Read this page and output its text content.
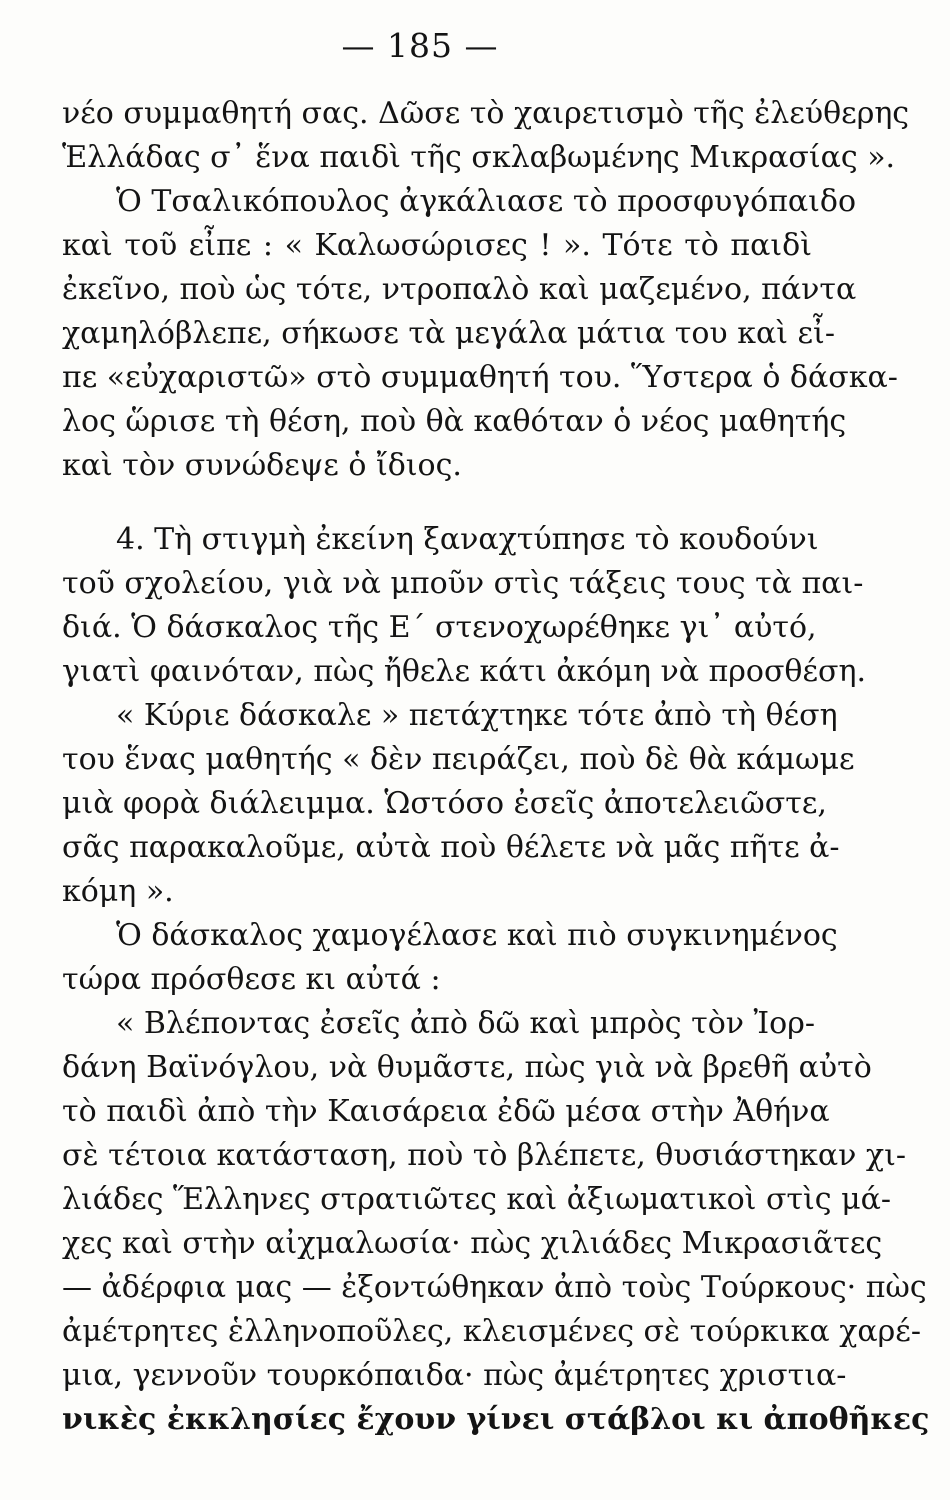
— 185 —
νέο συμμαθητή σας. Δῶσε τὸ χαιρετισμὸ τῆς ἐλεύθερης
Ἑλλάδας σ᾽ ἕνα παιδὶ τῆς σκλαβωμένης Μικρασίας ».
Ὁ Τσαλικόπουλος ἀγκάλιασε τὸ προσφυγόπαιδο
καὶ τοῦ εἶπε : « Καλωσώρισες ! ». Τότε τὸ παιδὶ
ἐκεῖνο, ποὺ ὡς τότε, ντροπαλὸ καὶ μαζεμένο, πάντα
χαμηλόβλεπε, σήκωσε τὰ μεγάλα μάτια του καὶ εἶ-
πε «εὐχαριστῶ» στὸ συμμαθητή του. Ὕστερα ὁ δάσκα-
λος ὥρισε τὴ θέση, ποὺ θὰ καθόταν ὁ νέος μαθητής
καὶ τὸν συνώδεψε ὁ ἴδιος.
4. Τὴ στιγμὴ ἐκείνη ξαναχτύπησε τὸ κουδούνι
τοῦ σχολείου, γιὰ νὰ μποῦν στὶς τάξεις τους τὰ παι-
διά. Ὁ δάσκαλος τῆς Ε΄ στενοχωρέθηκε γι᾽ αὐτό,
γιατὶ φαινόταν, πὼς ἤθελε κάτι ἀκόμη νὰ προσθέση.
« Κύριε δάσκαλε » πετάχτηκε τότε ἀπὸ τὴ θέση
του ἕνας μαθητής « δὲν πειράζει, ποὺ δὲ θὰ κάμωμε
μιὰ φορὰ διάλειμμα. Ὡστόσο ἐσεῖς ἀποτελειῶστε,
σᾶς παρακαλοῦμε, αὐτὰ ποὺ θέλετε νὰ μᾶς πῆτε ἀ-
κόμη ».
Ὁ δάσκαλος χαμογέλασε καὶ πιὸ συγκινημένος
τώρα πρόσθεσε κι αὐτά :
« Βλέποντας ἐσεῖς ἀπὸ δῶ καὶ μπρὸς τὸν Ἰορ-
δάνη Βαϊνόγλου, νὰ θυμᾶστε, πὼς γιὰ νὰ βρεθῆ αὐτὸ
τὸ παιδὶ ἀπὸ τὴν Καισάρεια ἐδῶ μέσα στὴν Ἀθήνα
σὲ τέτοια κατάσταση, ποὺ τὸ βλέπετε, θυσιάστηκαν χι-
λιάδες Ἕλληνες στρατιῶτες καὶ ἀξιωματικοὶ στὶς μά-
χες καὶ στὴν αἰχμαλωσία· πὼς χιλιάδες Μικρασιᾶτες
— ἀδέρφια μας — ἐξοντώθηκαν ἀπὸ τοὺς Τούρκους· πὼς
ἀμέτρητες ἑλληνοποῦλες, κλεισμένες σὲ τούρκικα χαρέ-
μια, γεννοῦν τουρκόπαιδα· πὼς ἀμέτρητες χριστια-
νικὲς ἐκκλησίες ἔχουν γίνει στάβλοι κι ἀποθῆκες
